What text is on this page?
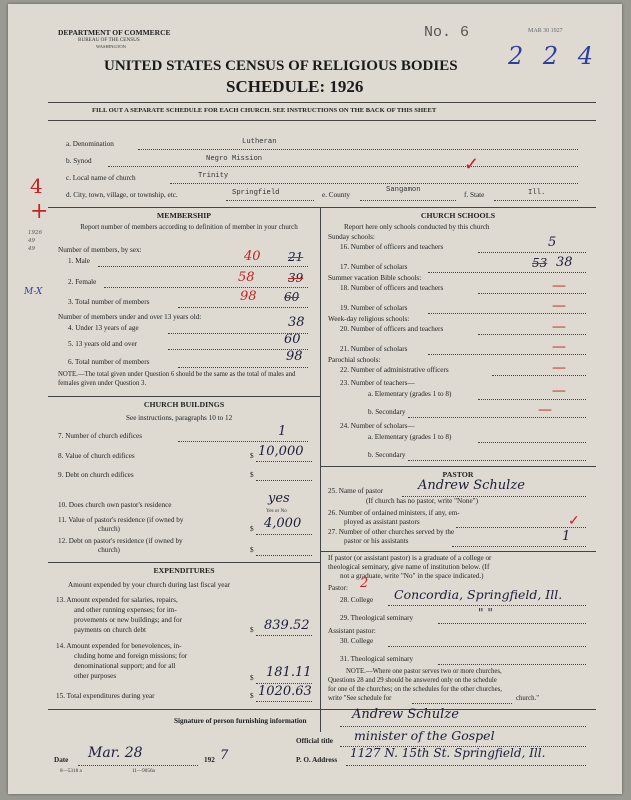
DEPARTMENT OF COMMERCE
BUREAU OF THE CENSUS
WASHINGTON
No. 6	MAR 30 1927
2 2 4
UNITED STATES CENSUS OF RELIGIOUS BODIES
SCHEDULE: 1926
FILL OUT A SEPARATE SCHEDULE FOR EACH CHURCH. SEE INSTRUCTIONS ON THE BACK OF THIS SHEET
a. Denomination	Lutheran
b. Synod	Negro Mission	✓
c. Local name of church	Trinity
d. City, town, village, or township, etc.	Springfield	e. County
Sangamon
f. State	Ill.
4
+
1926
49
49
M-X
MEMBERSHIP
Report number of members according to definition of member in your church
Number of members, by sex:
1. Male	40 21
2. Female	58	39
3. Total number of members	98 60
Number of members under and over 13 years old:
4. Under 13 years of age	38
5. 13 years old and over	60
6. Total number of members	98
NOTE.—The total given under Question 6 should be the same as the total of males and females given under Question 3.
CHURCH BUILDINGS
See instructions, paragraphs 10 to 12
7. Number of church edifices	1
8. Value of church edifices	$ 10,000
9. Debt on church edifices	$
10. Does church own pastor's residence
Yes or No
yes
11. Value of pastor's residence (if owned by
church)	$ 4,000
12. Debt on pastor's residence (if owned by
church)	$
EXPENDITURES
Amount expended by your church during last fiscal year
13. Amount expended for salaries, repairs,
and other running expenses; for im-
provements or new buildings; and for
payments on church debt	$ 839.52
14. Amount expended for benevolences, in-
cluding home and foreign missions; for
denominational support; and for all
other purposes	$ 181.11
15. Total expenditures during year	$ 1020.63
CHURCH SCHOOLS
Report here only schools conducted by this church
Sunday schools:
16. Number of officers and teachers	5
17. Number of scholars	53 38
Summer vacation Bible schools:
18. Number of officers and teachers	—
19. Number of scholars	—
Week-day religious schools:
20. Number of officers and teachers	—
21. Number of scholars	—
Parochial schools:
22. Number of administrative officers	—
23. Number of teachers—
a. Elementary (grades 1 to 8)	—
b. Secondary	—
24. Number of scholars—
a. Elementary (grades 1 to 8)
b. Secondary
PASTOR
25. Name of pastor	Andrew Schulze
(If church has no pastor, write "None")
26. Number of ordained ministers, if any, em-
ployed as assistant pastors	✓
27. Number of other churches served by the
pastor or his assistants	1
If pastor (or assistant pastor) is a graduate of a college or
theological seminary, give name of institution below. (If
not a graduate, write "No" in the space indicated.)
Pastor: 2
28. College Concordia, Springfield, Ill.
29. Theological seminary	" "
Assistant pastor:
30. College
31. Theological seminary
NOTE.—Where one pastor serves two or more churches,
Questions 28 and 29 should be answered only on the schedule
for one of the churches; on the schedules for the other churches,
write "See schedule for	church."
Signature of person furnishing information	Andrew Schulze
Official title minister of the Gospel
Date Mar. 28	192 7	P. O. Address 1127 N. 15th St. Springfield, Ill.
8—5318 a	11—9056a
